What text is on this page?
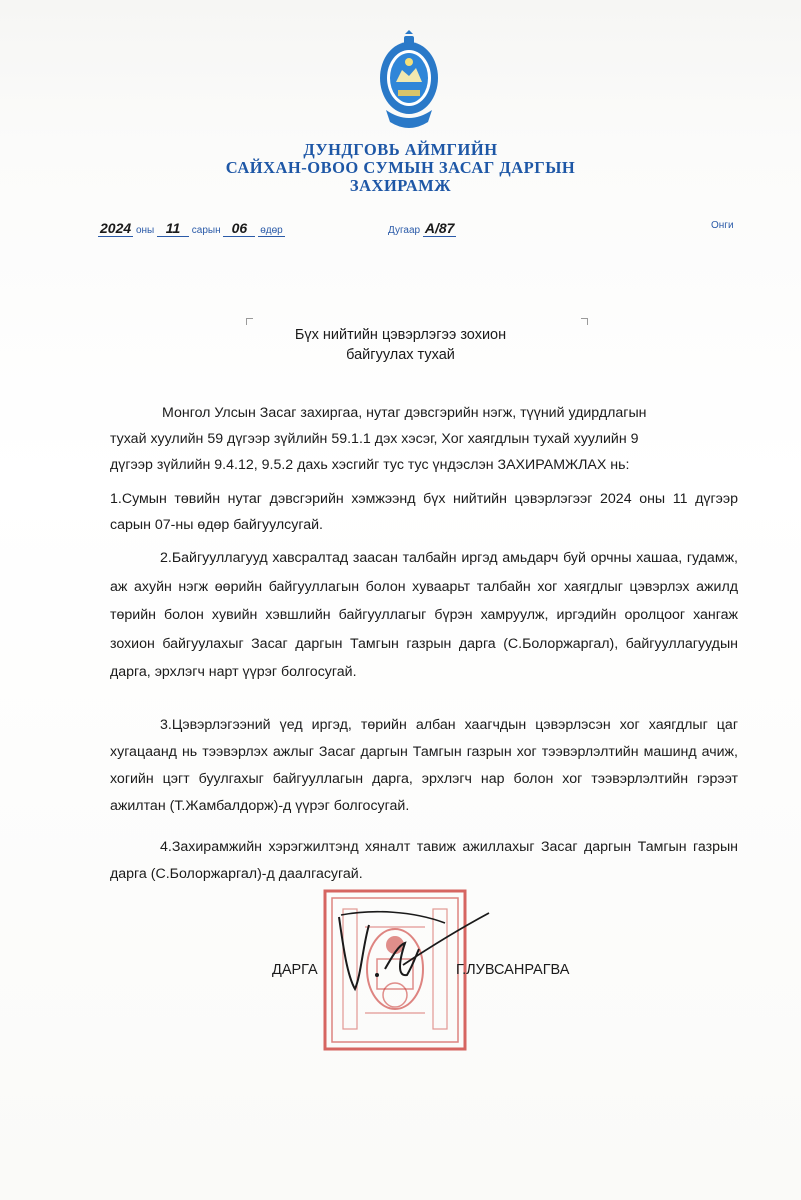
ДУНДГОВЬ АЙМГИЙН
САЙХАН-ОВОО СУМЫН ЗАСАГ ДАРГЫН
ЗАХИРАМЖ
2024 оны 11 сарын 06 өдөр	Дугаар А/87	Онги
Бүх нийтийн цэвэрлэгээ зохион
байгуулах тухай

Монгол Улсын Засаг захиргаа, нутаг дэвсгэрийн нэгж, түүний удирдлагын

тухай хуулийн 59 дүгээр зүйлийн 59.1.1 дэх хэсэг, Хог хаягдлын тухай хуулийн 9

дүгээр зүйлийн 9.4.12, 9.5.2 дахь хэсгийг тус тус үндэслэн ЗАХИРАМЖЛАХ нь:

1.Сумын төвийн нутаг дэвсгэрийн хэмжээнд бүх нийтийн цэвэрлэгээг 2024 оны 11 дүгээр сарын 07-ны өдөр байгуулсугай.

2.Байгууллагууд хавсралтад заасан талбайн иргэд амьдарч буй орчны хашаа, гудамж, аж ахуйн нэгж өөрийн байгууллагын болон хуваарьт талбайн хог хаягдлыг цэвэрлэх ажилд төрийн болон хувийн хэвшлийн байгууллагыг бүрэн хамруулж, иргэдийн оролцоог хангаж зохион байгуулахыг Засаг даргын Тамгын газрын дарга (С.Болоржаргал), байгууллагуудын дарга, эрхлэгч нарт үүрэг болгосугай.

3.Цэвэрлэгээний үед иргэд, төрийн албан хаагчдын цэвэрлэсэн хог хаягдлыг цаг хугацаанд нь тээвэрлэх ажлыг Засаг даргын Тамгын газрын хог тээвэрлэлтийн машинд ачиж, хогийн цэгт буулгахыг байгууллагын дарга, эрхлэгч нар болон хог тээвэрлэлтийн гэрээт ажилтан (Т.Жамбалдорж)-д үүрэг болгосугай.

4.Захирамжийн хэрэгжилтэнд хяналт тавиж ажиллахыг Засаг даргын Тамгын газрын дарга (С.Болоржаргал)-д даалгасугай.

ДАРГА	Г.ЛУВСАНРАГВА
